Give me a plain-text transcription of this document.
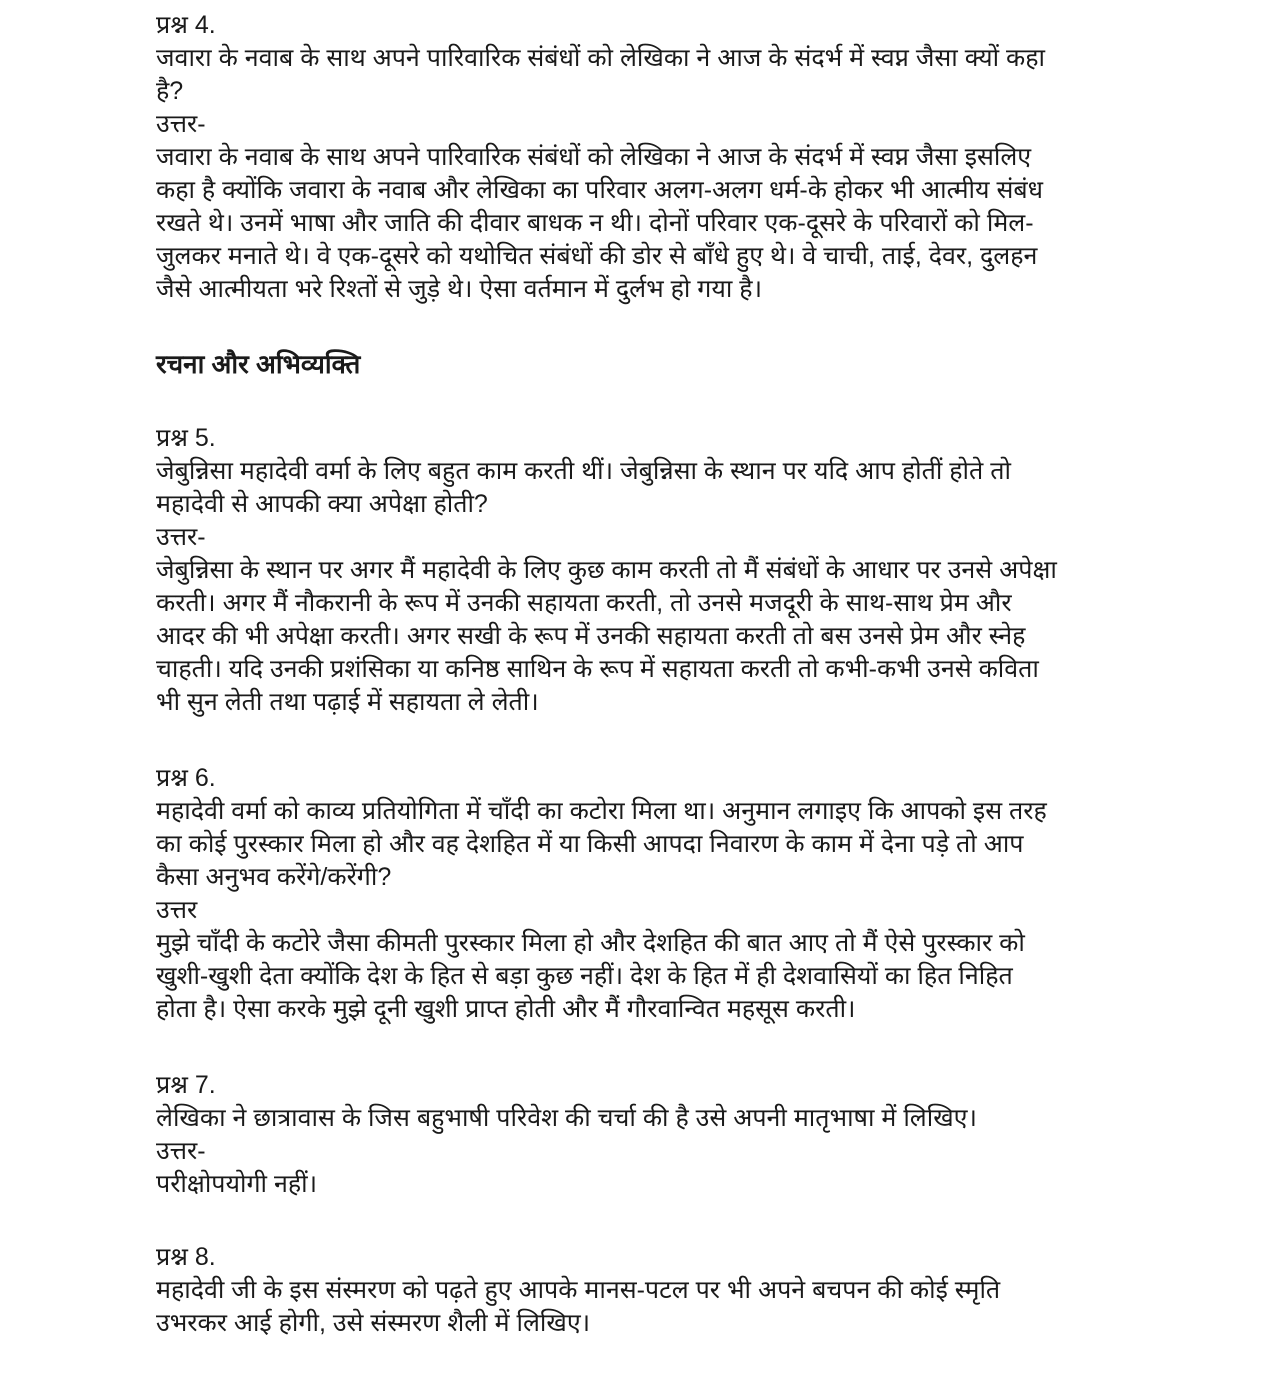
प्रश्न 4.
जवारा के नवाब के साथ अपने पारिवारिक संबंधों को लेखिका ने आज के संदर्भ में स्वप्न जैसा क्यों कहा
है?
उत्तर-
जवारा के नवाब के साथ अपने पारिवारिक संबंधों को लेखिका ने आज के संदर्भ में स्वप्न जैसा इसलिए
कहा है क्योंकि जवारा के नवाब और लेखिका का परिवार अलग-अलग धर्म-के होकर भी आत्मीय संबंध
रखते थे। उनमें भाषा और जाति की दीवार बाधक न थी। दोनों परिवार एक-दूसरे के परिवारों को मिल-
जुलकर मनाते थे। वे एक-दूसरे को यथोचित संबंधों की डोर से बाँधे हुए थे। वे चाची, ताई, देवर, दुलहन
जैसे आत्मीयता भरे रिश्तों से जुड़े थे। ऐसा वर्तमान में दुर्लभ हो गया है।
रचना और अभिव्यक्ति
प्रश्न 5.
जेबुन्निसा महादेवी वर्मा के लिए बहुत काम करती थीं। जेबुन्निसा के स्थान पर यदि आप होतीं होते तो
महादेवी से आपकी क्या अपेक्षा होती?
उत्तर-
जेबुन्निसा के स्थान पर अगर मैं महादेवी के लिए कुछ काम करती तो मैं संबंधों के आधार पर उनसे अपेक्षा
करती। अगर मैं नौकरानी के रूप में उनकी सहायता करती, तो उनसे मजदूरी के साथ-साथ प्रेम और
आदर की भी अपेक्षा करती। अगर सखी के रूप में उनकी सहायता करती तो बस उनसे प्रेम और स्नेह
चाहती। यदि उनकी प्रशंसिका या कनिष्ठ साथिन के रूप में सहायता करती तो कभी-कभी उनसे कविता
भी सुन लेती तथा पढ़ाई में सहायता ले लेती।
प्रश्न 6.
महादेवी वर्मा को काव्य प्रतियोगिता में चाँदी का कटोरा मिला था। अनुमान लगाइए कि आपको इस तरह
का कोई पुरस्कार मिला हो और वह देशहित में या किसी आपदा निवारण के काम में देना पड़े तो आप
कैसा अनुभव करेंगे/करेंगी?
उत्तर
मुझे चाँदी के कटोरे जैसा कीमती पुरस्कार मिला हो और देशहित की बात आए तो मैं ऐसे पुरस्कार को
खुशी-खुशी देता क्योंकि देश के हित से बड़ा कुछ नहीं। देश के हित में ही देशवासियों का हित निहित
होता है। ऐसा करके मुझे दूनी खुशी प्राप्त होती और मैं गौरवान्वित महसूस करती।
प्रश्न 7.
लेखिका ने छात्रावास के जिस बहुभाषी परिवेश की चर्चा की है उसे अपनी मातृभाषा में लिखिए।
उत्तर-
परीक्षोपयोगी नहीं।
प्रश्न 8.
महादेवी जी के इस संस्मरण को पढ़ते हुए आपके मानस-पटल पर भी अपने बचपन की कोई स्मृति
उभरकर आई होगी, उसे संस्मरण शैली में लिखिए।
